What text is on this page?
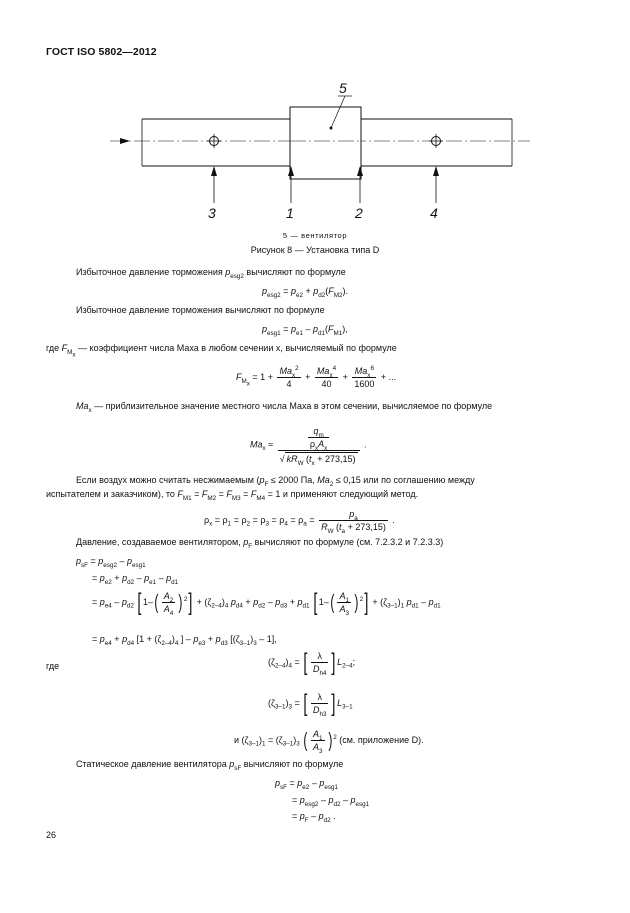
ГОСТ ISO 5802—2012
5
3	1	2	4
5 — вентилятор
Рисунок 8 — Установка типа D
Избыточное давление торможения $p_{esg2}$ вычисляют по формуле
$p_{esg2} = p_{e2} + p_{d2}(F_{M2})$.
Избыточное давление торможения вычисляют по формуле
$p_{esg1} = p_{e1} - p_{d1}(F_{M1})$,
где $F_{M_x}$ — коэффициент числа Маха в любом сечении x, вычисляемый по формуле
$F_{M_x} = 1 + \frac{Ma_x^2}{4} + \frac{Ma_x^4}{40} + \frac{Ma_x^6}{1600}$ + ...
$Ma_x$ — приблизительное значение местного числа Маха в этом сечении, вычисляемое по формуле
$Ma_x \approx \frac{\frac{q_m}{\rho_xA_x}}{√ kR_W (t_x + 273,15)}$ .
Если воздух можно считать несжимаемым ($p_F \le 2000$ Па, $Ma_2 \le 0,15$ или по соглашению между
испытателем и заказчиком), то $F_{M1} = F_{M2} = F_{M3} = F_{M4} = 1$ и применяют следующий метод.
$\rho_x = \rho_1 = \rho_2 = \rho_3 = \rho_4 = \rho_a = \frac{p_a}{R_W (t_a + 273,15)}$ .
Давление, создаваемое вентилятором, $p_F$ вычисляют по формуле (см. 7.2.3.2 и 7.2.3.3)
$p_{sF} = p_{esg2} - p_{esg1}$
= $p_{e2} + p_{d2} - p_{e1} - p_{d1}$
= $p_{e4} - p_{d2}$ $[1-( \frac{A_2}{A_4} )^2] + (\zeta_{2-4})_4$ $p_{d4} + p_{d2} - p_{d3} + p_{d1}$ $[1-( \frac{A_1}{A_3} )^2] + (\zeta_{3-1})_1$ $p_{d1} - p_{d1}$
= $p_{e4} + p_{d4}$ [$1 + (\zeta_{2-4})_4$ ] – $p_{e3} + p_{d3}$ $[(\zeta_{3-1})_3 - 1]$,
где	$(\zeta_{2-4})_4$ = [ $\frac{\lambda}{D_{h4}} ]L_{2-4}$;
$(\zeta_{3-1})_3$ = [ $\frac{\lambda}{D_{h3}} ]L_{3-1}$
и $(\zeta_{3-1})_1 = (\zeta_{3-1})_3$ ( $\frac{A_1}{A_3} )^2$ (см. приложение D).
Статическое давление вентилятора $p_{sF}$ вычисляют по формуле
$p_{sF} = p_{e2} - p_{esg1}$
= $p_{esg2} - p_{d2} - p_{esg1}$
= $p_F - p_{d2}$ .
26
